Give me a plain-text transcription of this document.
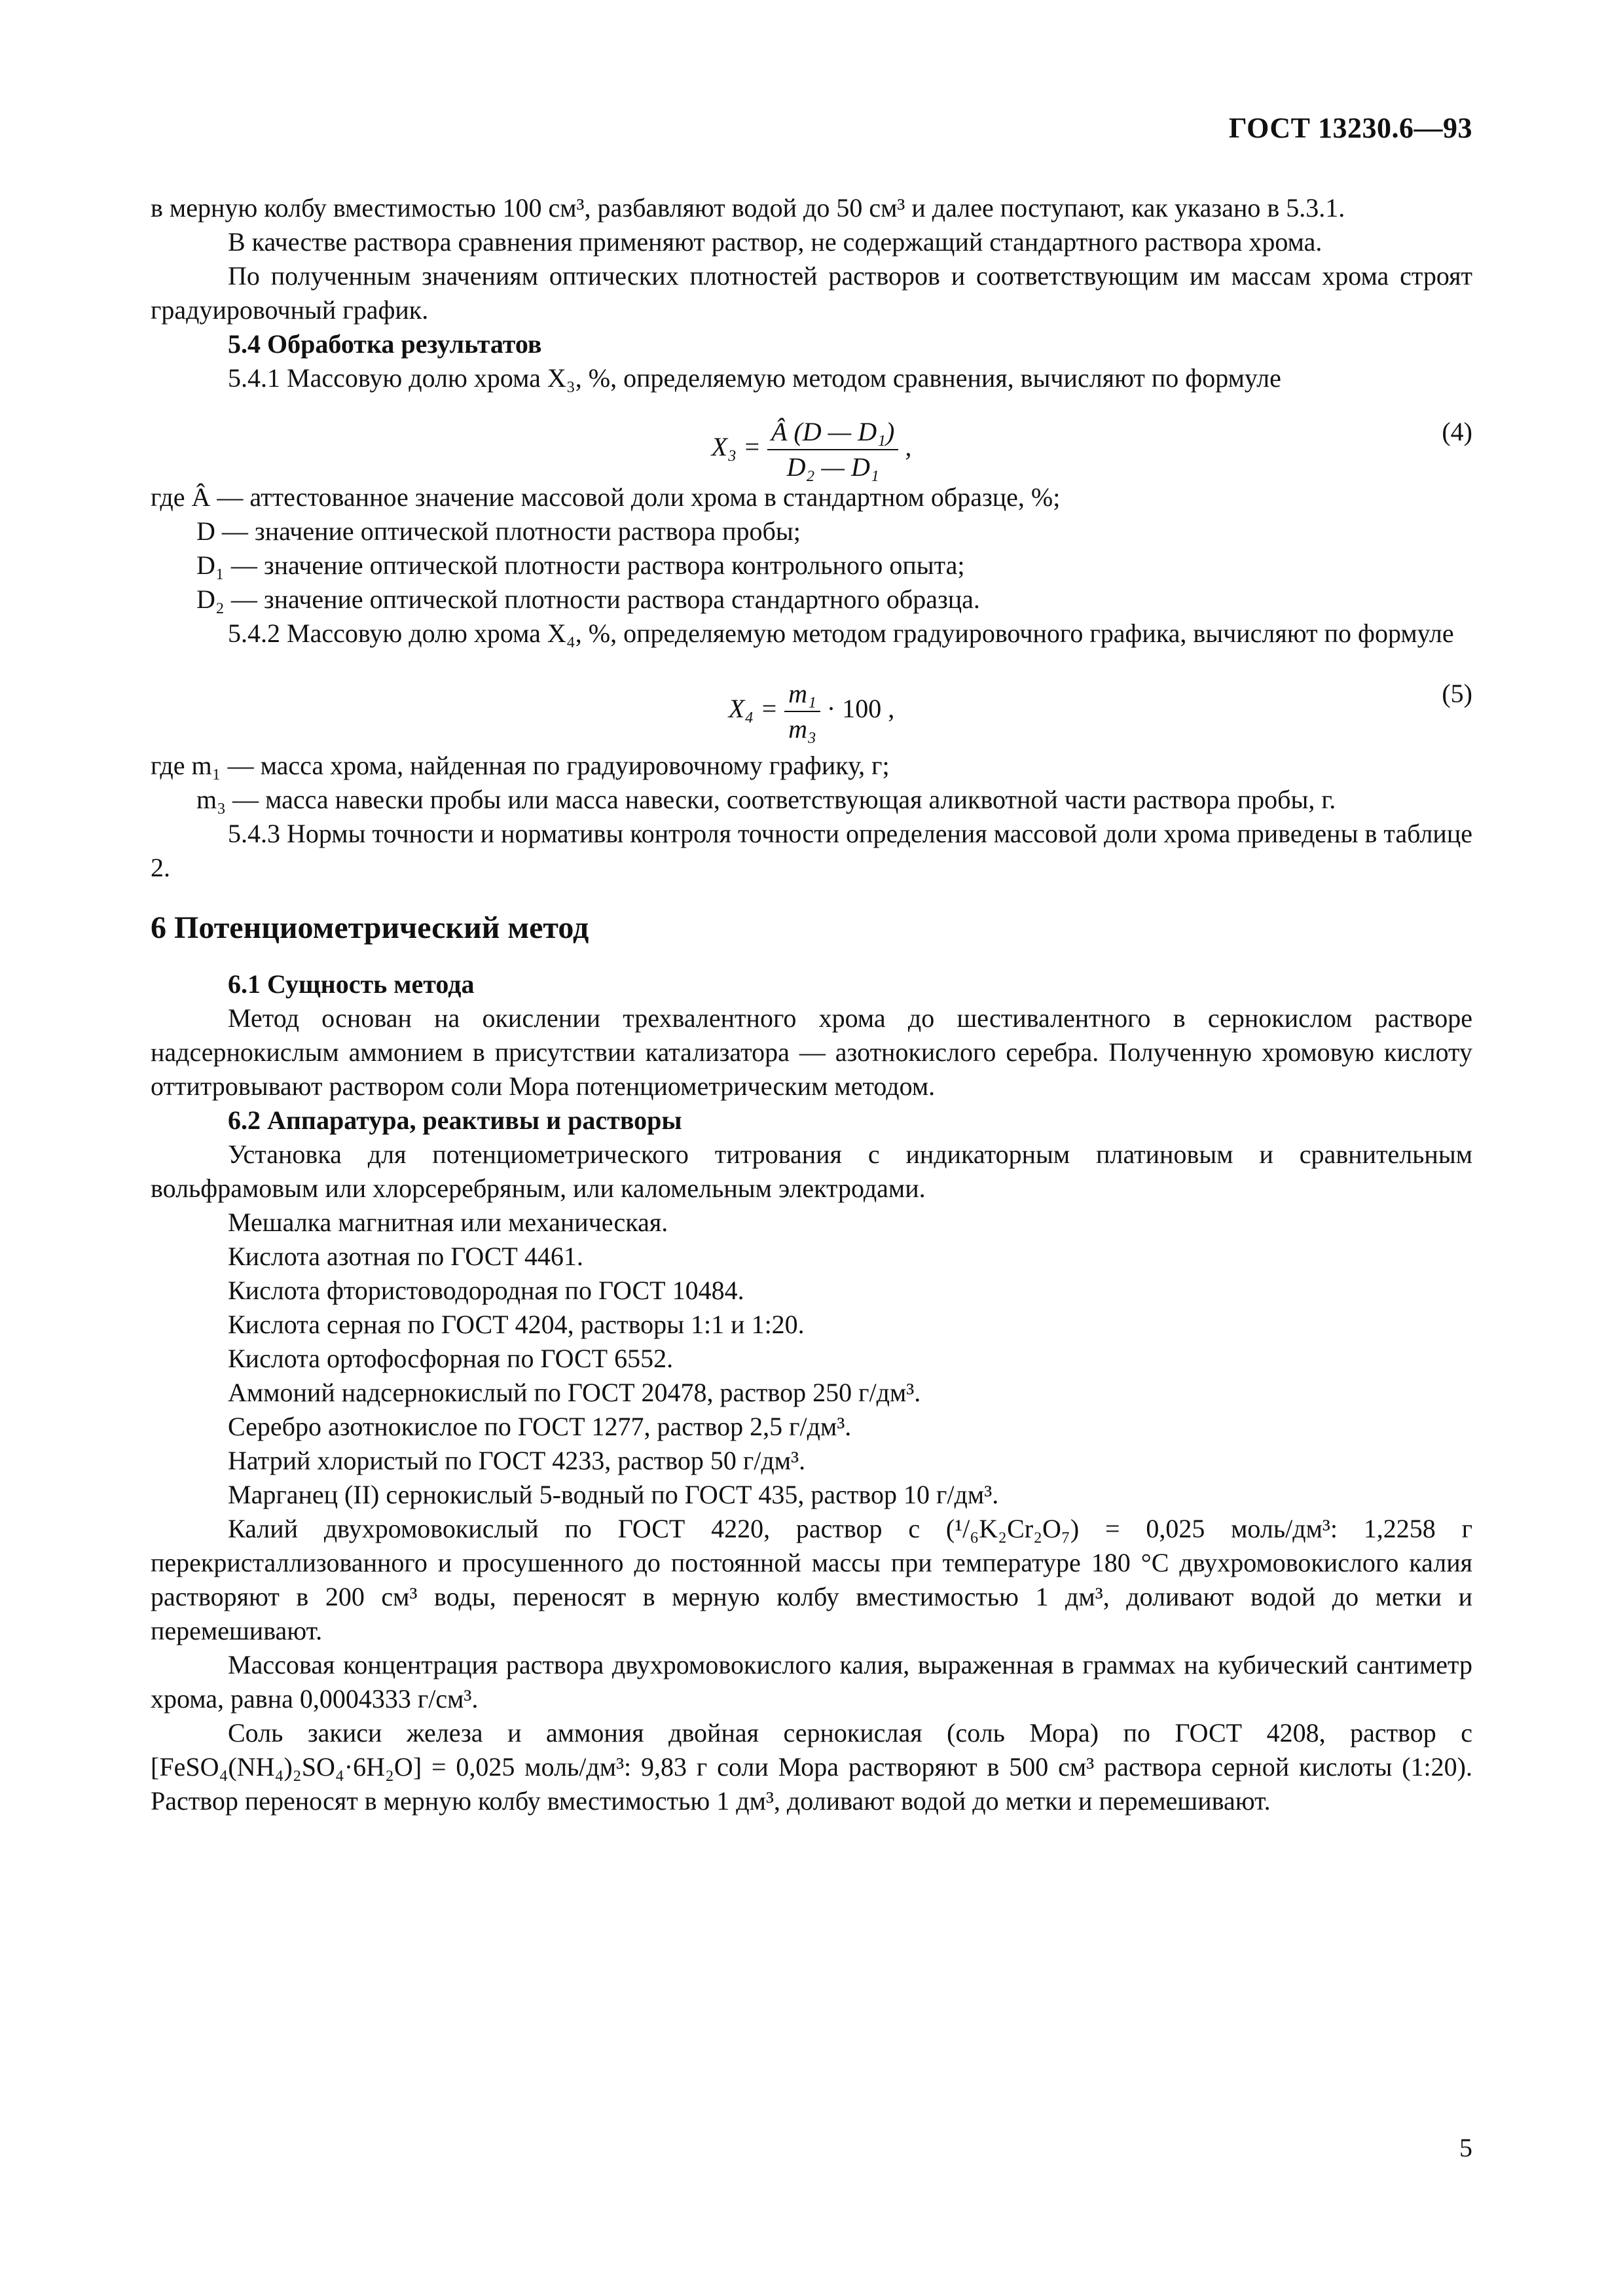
ГОСТ 13230.6—93

в мерную колбу вместимостью 100 см³, разбавляют водой до 50 см³ и далее поступают, как указано в 5.3.1.

В качестве раствора сравнения применяют раствор, не содержащий стандартного раствора хрома.

По полученным значениям оптических плотностей растворов и соответствующим им массам хрома строят градуировочный график.

5.4 Обработка результатов

5.4.1 Массовую долю хрома X₃, %, определяемую методом сравнения, вычисляют по формуле

$X_3 = \frac{\text{Â (D — D₁)}}{\text{D₂ — D₁}}$ ,
(4)
где Â —
аттестованное значение массовой доли хрома в стандартном образце, %;
D —
значение оптической плотности раствора пробы;
D₁ —
значение оптической плотности раствора контрольного опыта;
D₂ —
значение оптической плотности раствора стандартного образца.

5.4.2 Массовую долю хрома X₄, %, определяемую методом градуировочного графика, вычисляют по формуле

$X_4 = \frac{\text{m₁}}{\text{m₃}} \cdot 100$ ,
(5)
где m₁ —
масса хрома, найденная по градуировочному графику, г;
m₃ —
масса навески пробы или масса навески, соответствующая аликвотной части раствора пробы, г.

5.4.3 Нормы точности и нормативы контроля точности определения массовой доли хрома приведены в таблице 2.

6 Потенциометрический метод

6.1 Сущность метода

Метод основан на окислении трехвалентного хрома до шестивалентного в сернокислом растворе надсернокислым аммонием в присутствии катализатора — азотнокислого серебра. Полученную хромовую кислоту оттитровывают раствором соли Мора потенциометрическим методом.

6.2 Аппаратура, реактивы и растворы

Установка для потенциометрического титрования с индикаторным платиновым и сравнительным вольфрамовым или хлорсеребряным, или каломельным электродами.

Мешалка магнитная или механическая.

Кислота азотная по ГОСТ 4461.

Кислота фтористоводородная по ГОСТ 10484.

Кислота серная по ГОСТ 4204, растворы 1:1 и 1:20.

Кислота ортофосфорная по ГОСТ 6552.

Аммоний надсернокислый по ГОСТ 20478, раствор 250 г/дм³.

Серебро азотнокислое по ГОСТ 1277, раствор 2,5 г/дм³.

Натрий хлористый по ГОСТ 4233, раствор 50 г/дм³.

Марганец (II) сернокислый 5-водный по ГОСТ 435, раствор 10 г/дм³.

Калий двухромовокислый по ГОСТ 4220, раствор c (¹/₆K₂Cr₂O₇) = 0,025 моль/дм³: 1,2258 г перекристаллизованного и просушенного до постоянной массы при температуре 180 °C двухромовокислого калия растворяют в 200 см³ воды, переносят в мерную колбу вместимостью 1 дм³, доливают водой до метки и перемешивают.

Массовая концентрация раствора двухромовокислого калия, выраженная в граммах на кубический сантиметр хрома, равна 0,0004333 г/см³.

Соль закиси железа и аммония двойная сернокислая (соль Мора) по ГОСТ 4208, раствор c [FeSO₄(NH₄)₂SO₄·6H₂O] = 0,025 моль/дм³: 9,83 г соли Мора растворяют в 500 см³ раствора серной кислоты (1:20). Раствор переносят в мерную колбу вместимостью 1 дм³, доливают водой до метки и перемешивают.

5
